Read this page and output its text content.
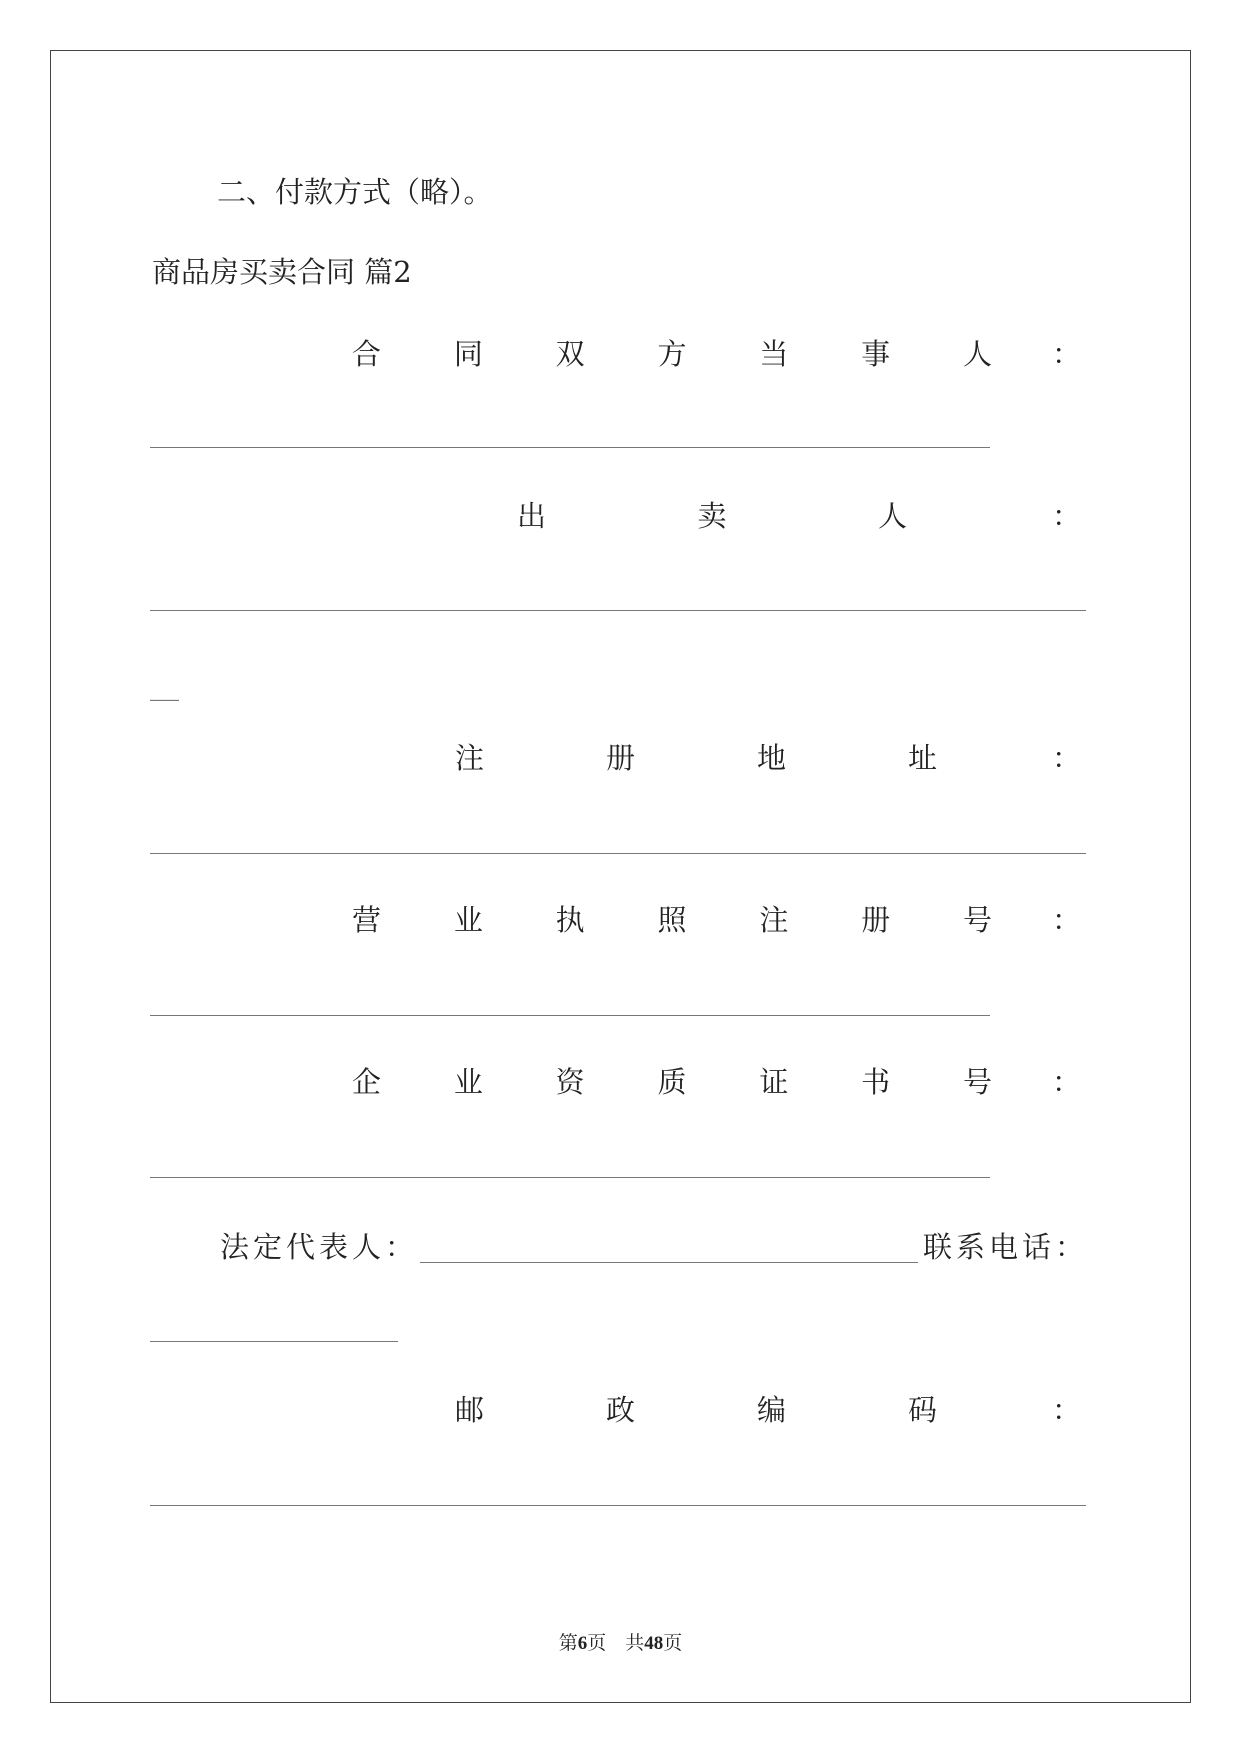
二、付款方式（略）。
商品房买卖合同 篇2
合	同	双	方	当	事	人 ：
出	卖	人	：
__
注	册	地	址	：
营	业	执	照	注	册	号 ：
企	业	资	质	证	书	号 ：
法定代表人：	联系电话：
邮	政	编	码	：
第6页　共48页
